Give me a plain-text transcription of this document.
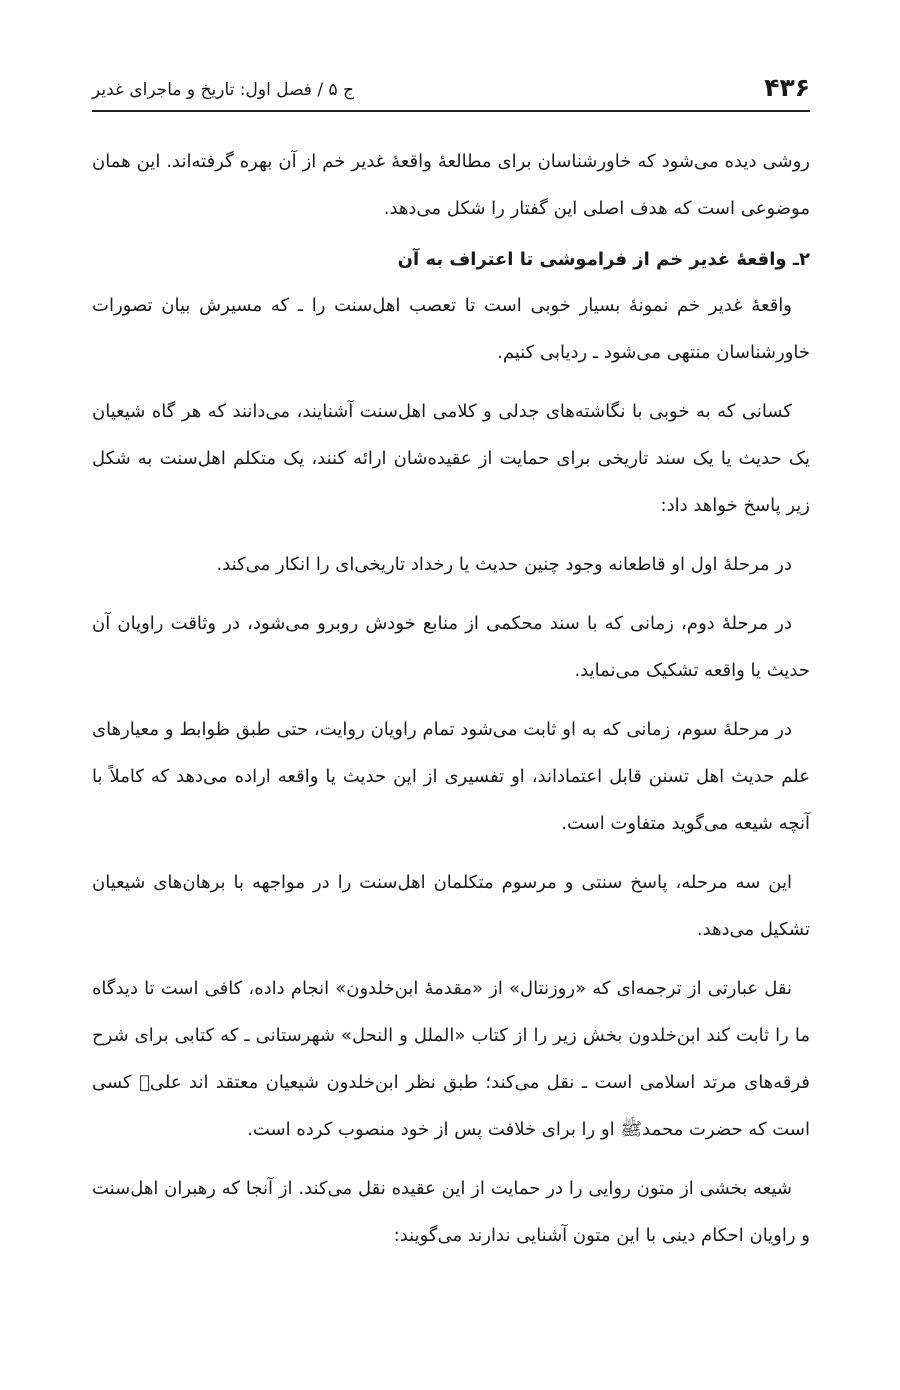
۴۳۶
ج ۵ / فصل اول: تاریخ و ماجرای غدیر

روشی دیده می‌شود که خاورشناسان برای مطالعهٔ واقعهٔ غدیر خم از آن بهره گرفته‌اند. این همان موضوعی است که هدف اصلی این گفتار را شکل می‌دهد.

۲ـ واقعهٔ غدیر خم از فراموشی تا اعتراف به آن

واقعهٔ غدیر خم نمونهٔ بسیار خوبی است تا تعصب اهل‌سنت را ـ که مسیرش بیان تصورات خاورشناسان منتهی می‌شود ـ ردیابی کنیم.

کسانی که به خوبی با نگاشته‌های جدلی و کلامی اهل‌سنت آشنایند، می‌دانند که هر گاه شیعیان یک حدیث یا یک سند تاریخی برای حمایت از عقیده‌شان ارائه کنند، یک متکلم اهل‌سنت به شکل زیر پاسخ خواهد داد:

در مرحلهٔ اول او قاطعانه وجود چنین حدیث یا رخداد تاریخی‌ای را انکار می‌کند.

در مرحلهٔ دوم، زمانی که با سند محکمی از منابع خودش روبرو می‌شود، در وثاقت راویان آن حدیث یا واقعه تشکیک می‌نماید.

در مرحلهٔ سوم، زمانی که به او ثابت می‌شود تمام راویان روایت، حتی طبق ظوابط و معیارهای علم حدیث اهل تسنن قابل اعتماداند، او تفسیری از این حدیث یا واقعه اراده می‌دهد که کاملاً با آنچه شیعه می‌گوید متفاوت است.

این سه مرحله، پاسخ سنتی و مرسوم متکلمان اهل‌سنت را در مواجهه با برهان‌های شیعیان تشکیل می‌دهد.

نقل عبارتی از ترجمه‌ای که «روزنتال» از «مقدمهٔ ابن‌خلدون» انجام داده، کافی است تا دیدگاه ما را ثابت کند ابن‌خلدون بخش زیر را از کتاب «الملل و النحل» شهرستانی ـ که کتابی برای شرح فرقه‌های مرتد اسلامی است ـ نقل می‌کند؛ طبق نظر ابن‌خلدون شیعیان معتقد اند علی﷣ کسی است که حضرت محمدﷺ او را برای خلافت پس از خود منصوب کرده است.

شیعه بخشی از متون روایی را در حمایت از این عقیده نقل می‌کند. از آنجا که رهبران اهل‌سنت و راویان احکام دینی با این متون آشنایی ندارند می‌گویند:
